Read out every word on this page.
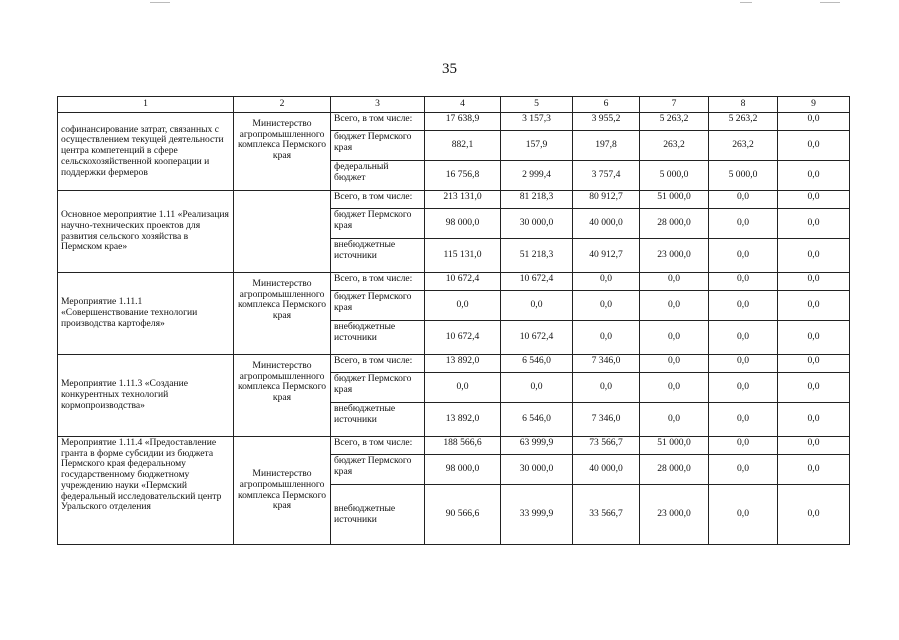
35
1	2	3	4	5	6	7	8	9
софинансирование затрат, связанных с осуществлением текущей деятельности центра компетенций в сфере сельскохозяйственной кооперации и поддержки фермеров	Министерство агропромышленного комплекса Пермского края	Всего, в том числе:	17 638,9	3 157,3	3 955,2	5 263,2	5 263,2	0,0
		бюджет Пермского края	882,1	157,9	197,8	263,2	263,2	0,0
		федеральный бюджет	16 756,8	2 999,4	3 757,4	5 000,0	5 000,0	0,0
Основное мероприятие 1.11 «Реализация научно-технических проектов для развития сельского хозяйства в Пермском крае»		Всего, в том числе:	213 131,0	81 218,3	80 912,7	51 000,0	0,0	0,0
		бюджет Пермского края	98 000,0	30 000,0	40 000,0	28 000,0	0,0	0,0
		внебюджетные источники	115 131,0	51 218,3	40 912,7	23 000,0	0,0	0,0
Мероприятие 1.11.1 «Совершенствование технологии производства картофеля»	Министерство агропромышленного комплекса Пермского края	Всего, в том числе:	10 672,4	10 672,4	0,0	0,0	0,0	0,0
		бюджет Пермского края	0,0	0,0	0,0	0,0	0,0	0,0
		внебюджетные источники	10 672,4	10 672,4	0,0	0,0	0,0	0,0
Мероприятие 1.11.3 «Создание конкурентных технологий кормопроизводства»	Министерство агропромышленного комплекса Пермского края	Всего, в том числе:	13 892,0	6 546,0	7 346,0	0,0	0,0	0,0
		бюджет Пермского края	0,0	0,0	0,0	0,0	0,0	0,0
		внебюджетные источники	13 892,0	6 546,0	7 346,0	0,0	0,0	0,0
Мероприятие 1.11.4 «Предоставление гранта в форме субсидии из бюджета Пермского края федеральному государственному бюджетному учреждению науки «Пермский федеральный исследовательский центр Уральского отделения	Министерство агропромышленного комплекса Пермского края	Всего, в том числе:	188 566,6	63 999,9	73 566,7	51 000,0	0,0	0,0
		бюджет Пермского края	98 000,0	30 000,0	40 000,0	28 000,0	0,0	0,0
		внебюджетные источники	90 566,6	33 999,9	33 566,7	23 000,0	0,0	0,0
